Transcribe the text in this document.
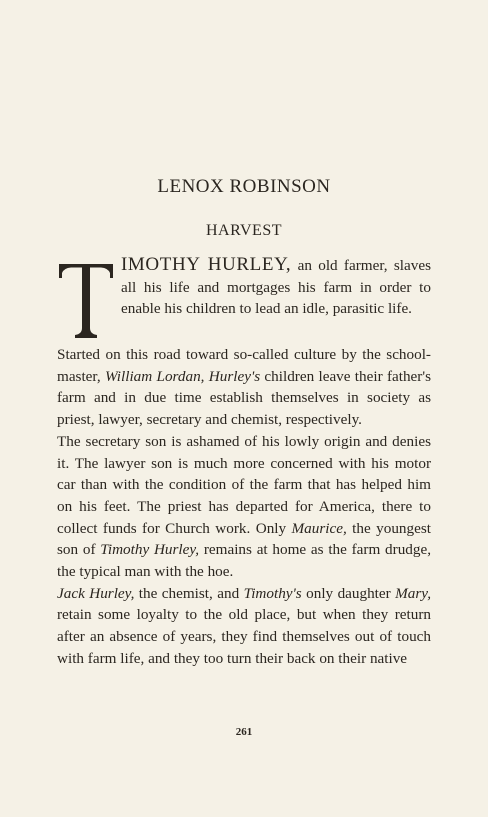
LENOX ROBINSON
HARVEST

IMOTHY HURLEY, an old farmer, slaves all his life and mortgages his farm in order to enable his children to lead an idle, parasitic life.

Started on this road toward so-called culture by the school-master, William Lordan, Hurley's children leave their father's farm and in due time establish themselves in society as priest, lawyer, secretary and chemist, respectively.

The secretary son is ashamed of his lowly origin and denies it. The lawyer son is much more concerned with his motor car than with the condition of the farm that has helped him on his feet. The priest has departed for America, there to collect funds for Church work. Only Maurice, the youngest son of Timothy Hurley, remains at home as the farm drudge, the typical man with the hoe.

Jack Hurley, the chemist, and Timothy's only daughter Mary, retain some loyalty to the old place, but when they return after an absence of years, they find themselves out of touch with farm life, and they too turn their back on their native

261
